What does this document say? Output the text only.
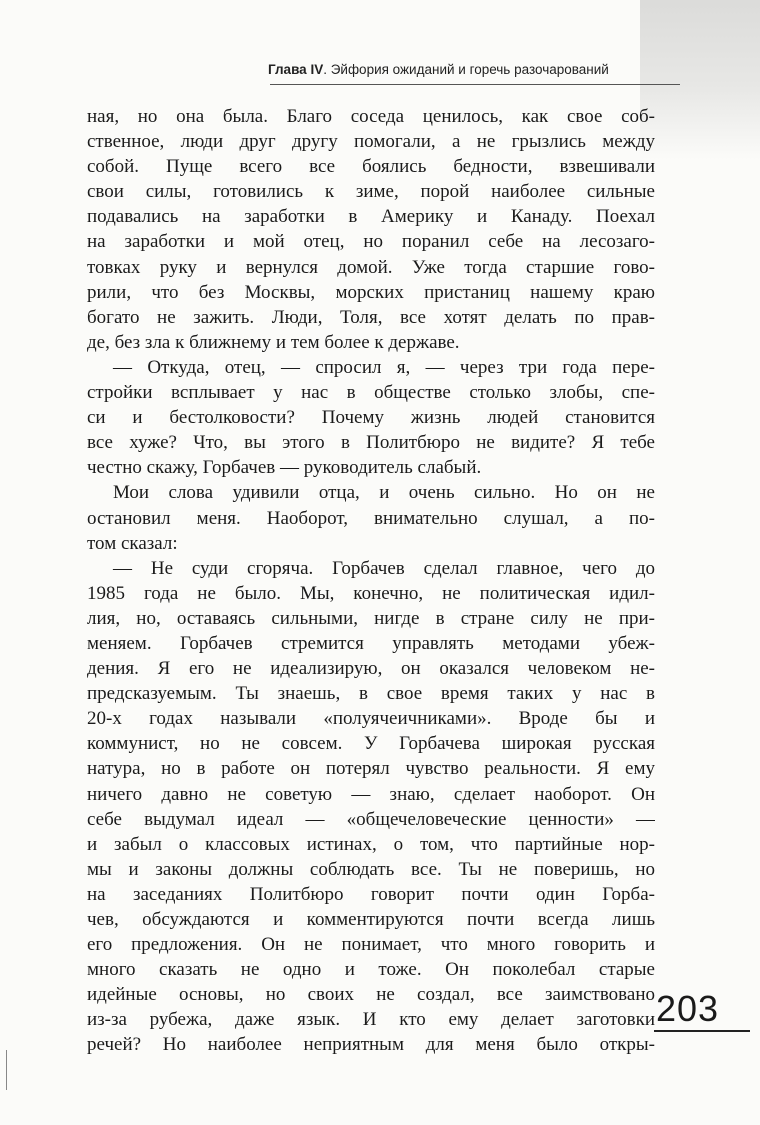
Глава IV. Эйфория ожиданий и горечь разочарований
ная, но она была. Благо соседа ценилось, как свое соб-
ственное, люди друг другу помогали, а не грызлись между
собой. Пуще всего все боялись бедности, взвешивали
свои силы, готовились к зиме, порой наиболее сильные
подавались на заработки в Америку и Канаду. Поехал
на заработки и мой отец, но поранил себе на лесозаго-
товках руку и вернулся домой. Уже тогда старшие гово-
рили, что без Москвы, морских пристаниц нашему краю
богато не зажить. Люди, Толя, все хотят делать по прав-
де, без зла к ближнему и тем более к державе.
— Откуда, отец, — спросил я, — через три года пере-
стройки всплывает у нас в обществе столько злобы, спе-
си и бестолковости? Почему жизнь людей становится
все хуже? Что, вы этого в Политбюро не видите? Я тебе
честно скажу, Горбачев — руководитель слабый.
Мои слова удивили отца, и очень сильно. Но он не
остановил меня. Наоборот, внимательно слушал, а по-
том сказал:
— Не суди сгоряча. Горбачев сделал главное, чего до
1985 года не было. Мы, конечно, не политическая идил-
лия, но, оставаясь сильными, нигде в стране силу не при-
меняем. Горбачев стремится управлять методами убеж-
дения. Я его не идеализирую, он оказался человеком не-
предсказуемым. Ты знаешь, в свое время таких у нас в
20-х годах называли «полуячеичниками». Вроде бы и
коммунист, но не совсем. У Горбачева широкая русская
натура, но в работе он потерял чувство реальности. Я ему
ничего давно не советую — знаю, сделает наоборот. Он
себе выдумал идеал — «общечеловеческие ценности» —
и забыл о классовых истинах, о том, что партийные нор-
мы и законы должны соблюдать все. Ты не поверишь, но
на заседаниях Политбюро говорит почти один Горба-
чев, обсуждаются и комментируются почти всегда лишь
его предложения. Он не понимает, что много говорить и
много сказать не одно и тоже. Он поколебал старые
идейные основы, но своих не создал, все заимствовано
из-за рубежа, даже язык. И кто ему делает заготовки
речей? Но наиболее неприятным для меня было откры-
203
